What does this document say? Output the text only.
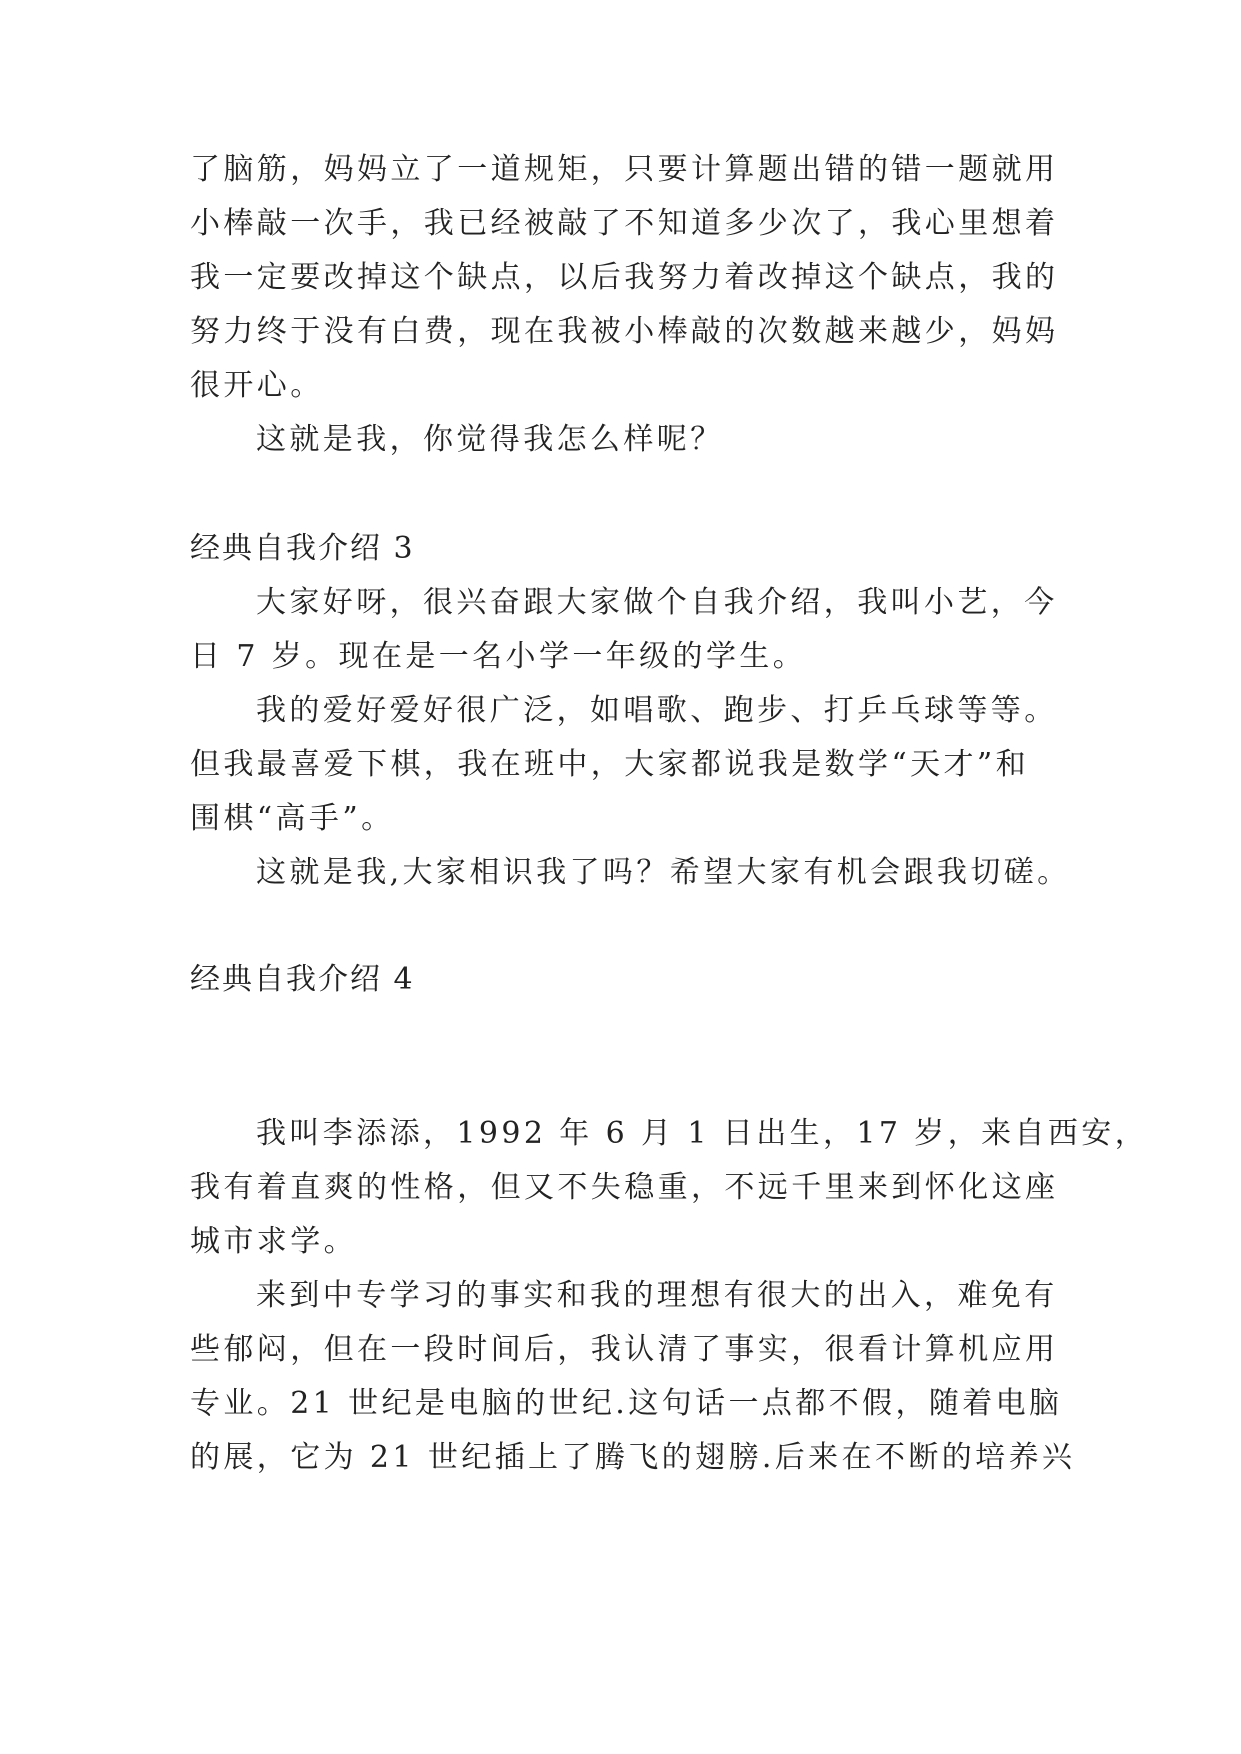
了脑筋，妈妈立了一道规矩，只要计算题出错的错一题就用
小棒敲一次手，我已经被敲了不知道多少次了，我心里想着
我一定要改掉这个缺点，以后我努力着改掉这个缺点，我的
努力终于没有白费，现在我被小棒敲的次数越来越少，妈妈
很开心。
这就是我，你觉得我怎么样呢？
经典自我介绍 3
大家好呀，很兴奋跟大家做个自我介绍，我叫小艺，今
日 7 岁。现在是一名小学一年级的学生。
我的爱好爱好很广泛，如唱歌、跑步、打乒乓球等等。
但我最喜爱下棋，我在班中，大家都说我是数学“天才”和
围棋“高手”。
这就是我,大家相识我了吗？希望大家有机会跟我切磋。
经典自我介绍 4
我叫李添添，1992 年 6 月 1 日出生，17 岁，来自西安，
我有着直爽的性格，但又不失稳重，不远千里来到怀化这座
城市求学。
来到中专学习的事实和我的理想有很大的出入，难免有
些郁闷，但在一段时间后，我认清了事实，很看计算机应用
专业。21 世纪是电脑的世纪.这句话一点都不假，随着电脑
的展，它为 21 世纪插上了腾飞的翅膀.后来在不断的培养兴
